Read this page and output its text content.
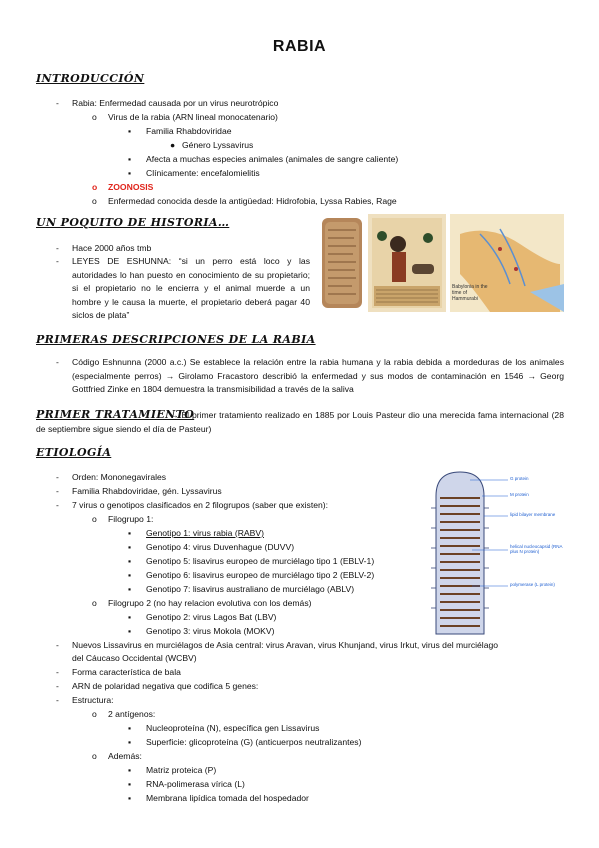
RABIA
INTRODUCCIÓN
- Rabia: Enfermedad causada por un virus neurotrópico
o Virus de la rabia (ARN lineal monocatenario)
▪ Familia Rhabdoviridae
● Género Lyssavirus
▪ Afecta a muchas especies animales (animales de sangre caliente)
▪ Clínicamente: encefalomielitis
o ZOONOSIS
o Enfermedad conocida desde la antigüedad: Hidrofobia, Lyssa Rabies, Rage
UN POQUITO DE HISTORIA…
- Hace 2000 años tmb
- LEYES DE ESHUNNA: “si un perro está loco y las autoridades lo han puesto en conocimiento de su propietario; si el propietario no le encierra y el animal muerde a un hombre y le causa la muerte, el propietario deberá pagar 40 siclos de plata”
Babylonia in the time of Hammurabi
PRIMERAS DESCRIPCIONES DE LA RABIA
- Código Eshnunna (2000 a.c.) Se establece la relación entre la rabia humana y la rabia debida a mordeduras de los animales (especialmente perros) → Girolamo Fracastoro describió la enfermedad y sus modos de contaminación en 1546 → Georg Gottfried Zinke en 1804 demuestra la transmisibilidad a través de la saliva
PRIMER TRATAMIENTO
→ El primer tratamiento realizado en 1885 por Louis Pasteur dio una merecida fama internacional (28 de septiembre sigue siendo el día de Pasteur)
ETIOLOGÍA
- Orden: Mononegavirales
- Familia Rhabdoviridae, gén. Lyssavirus
- 7 virus o genotipos clasificados en 2 filogrupos (saber que existen):
o Filogrupo 1:
▪ Genotipo 1: virus rabia (RABV)
▪ Genotipo 4: virus Duvenhague (DUVV)
▪ Genotipo 5: lisavirus europeo de murciélago tipo 1 (EBLV-1)
▪ Genotipo 6: lisavirus europeo de murciélago tipo 2 (EBLV-2)
▪ Genotipo 7: lisavirus australiano de murciélago (ABLV)
o Filogrupo 2 (no hay relacion evolutiva con los demás)
▪ Genotipo 2: virus Lagos Bat (LBV)
▪ Genotipo 3: virus Mokola (MOKV)
- Nuevos Lissavirus en murciélagos de Asia central: virus Aravan, virus Khunjand, virus Irkut, virus del murciélago
del Cáucaso Occidental (WCBV)
- Forma característica de bala
- ARN de polaridad negativa que codifica 5 genes:
- Estructura:
o 2 antígenos:
▪ Nucleoproteína (N), específica gen Lissavirus
▪ Superficie: glicoproteína (G) (anticuerpos neutralizantes)
o Además:
▪ Matriz proteica (P)
▪ RNA-polimerasa vírica (L)
▪ Membrana lipídica tomada del hospedador
G protein
M protein
lipid bilayer membrane
helical nucleocapsid (RNA plus N protein)
polymerase (L protein)
